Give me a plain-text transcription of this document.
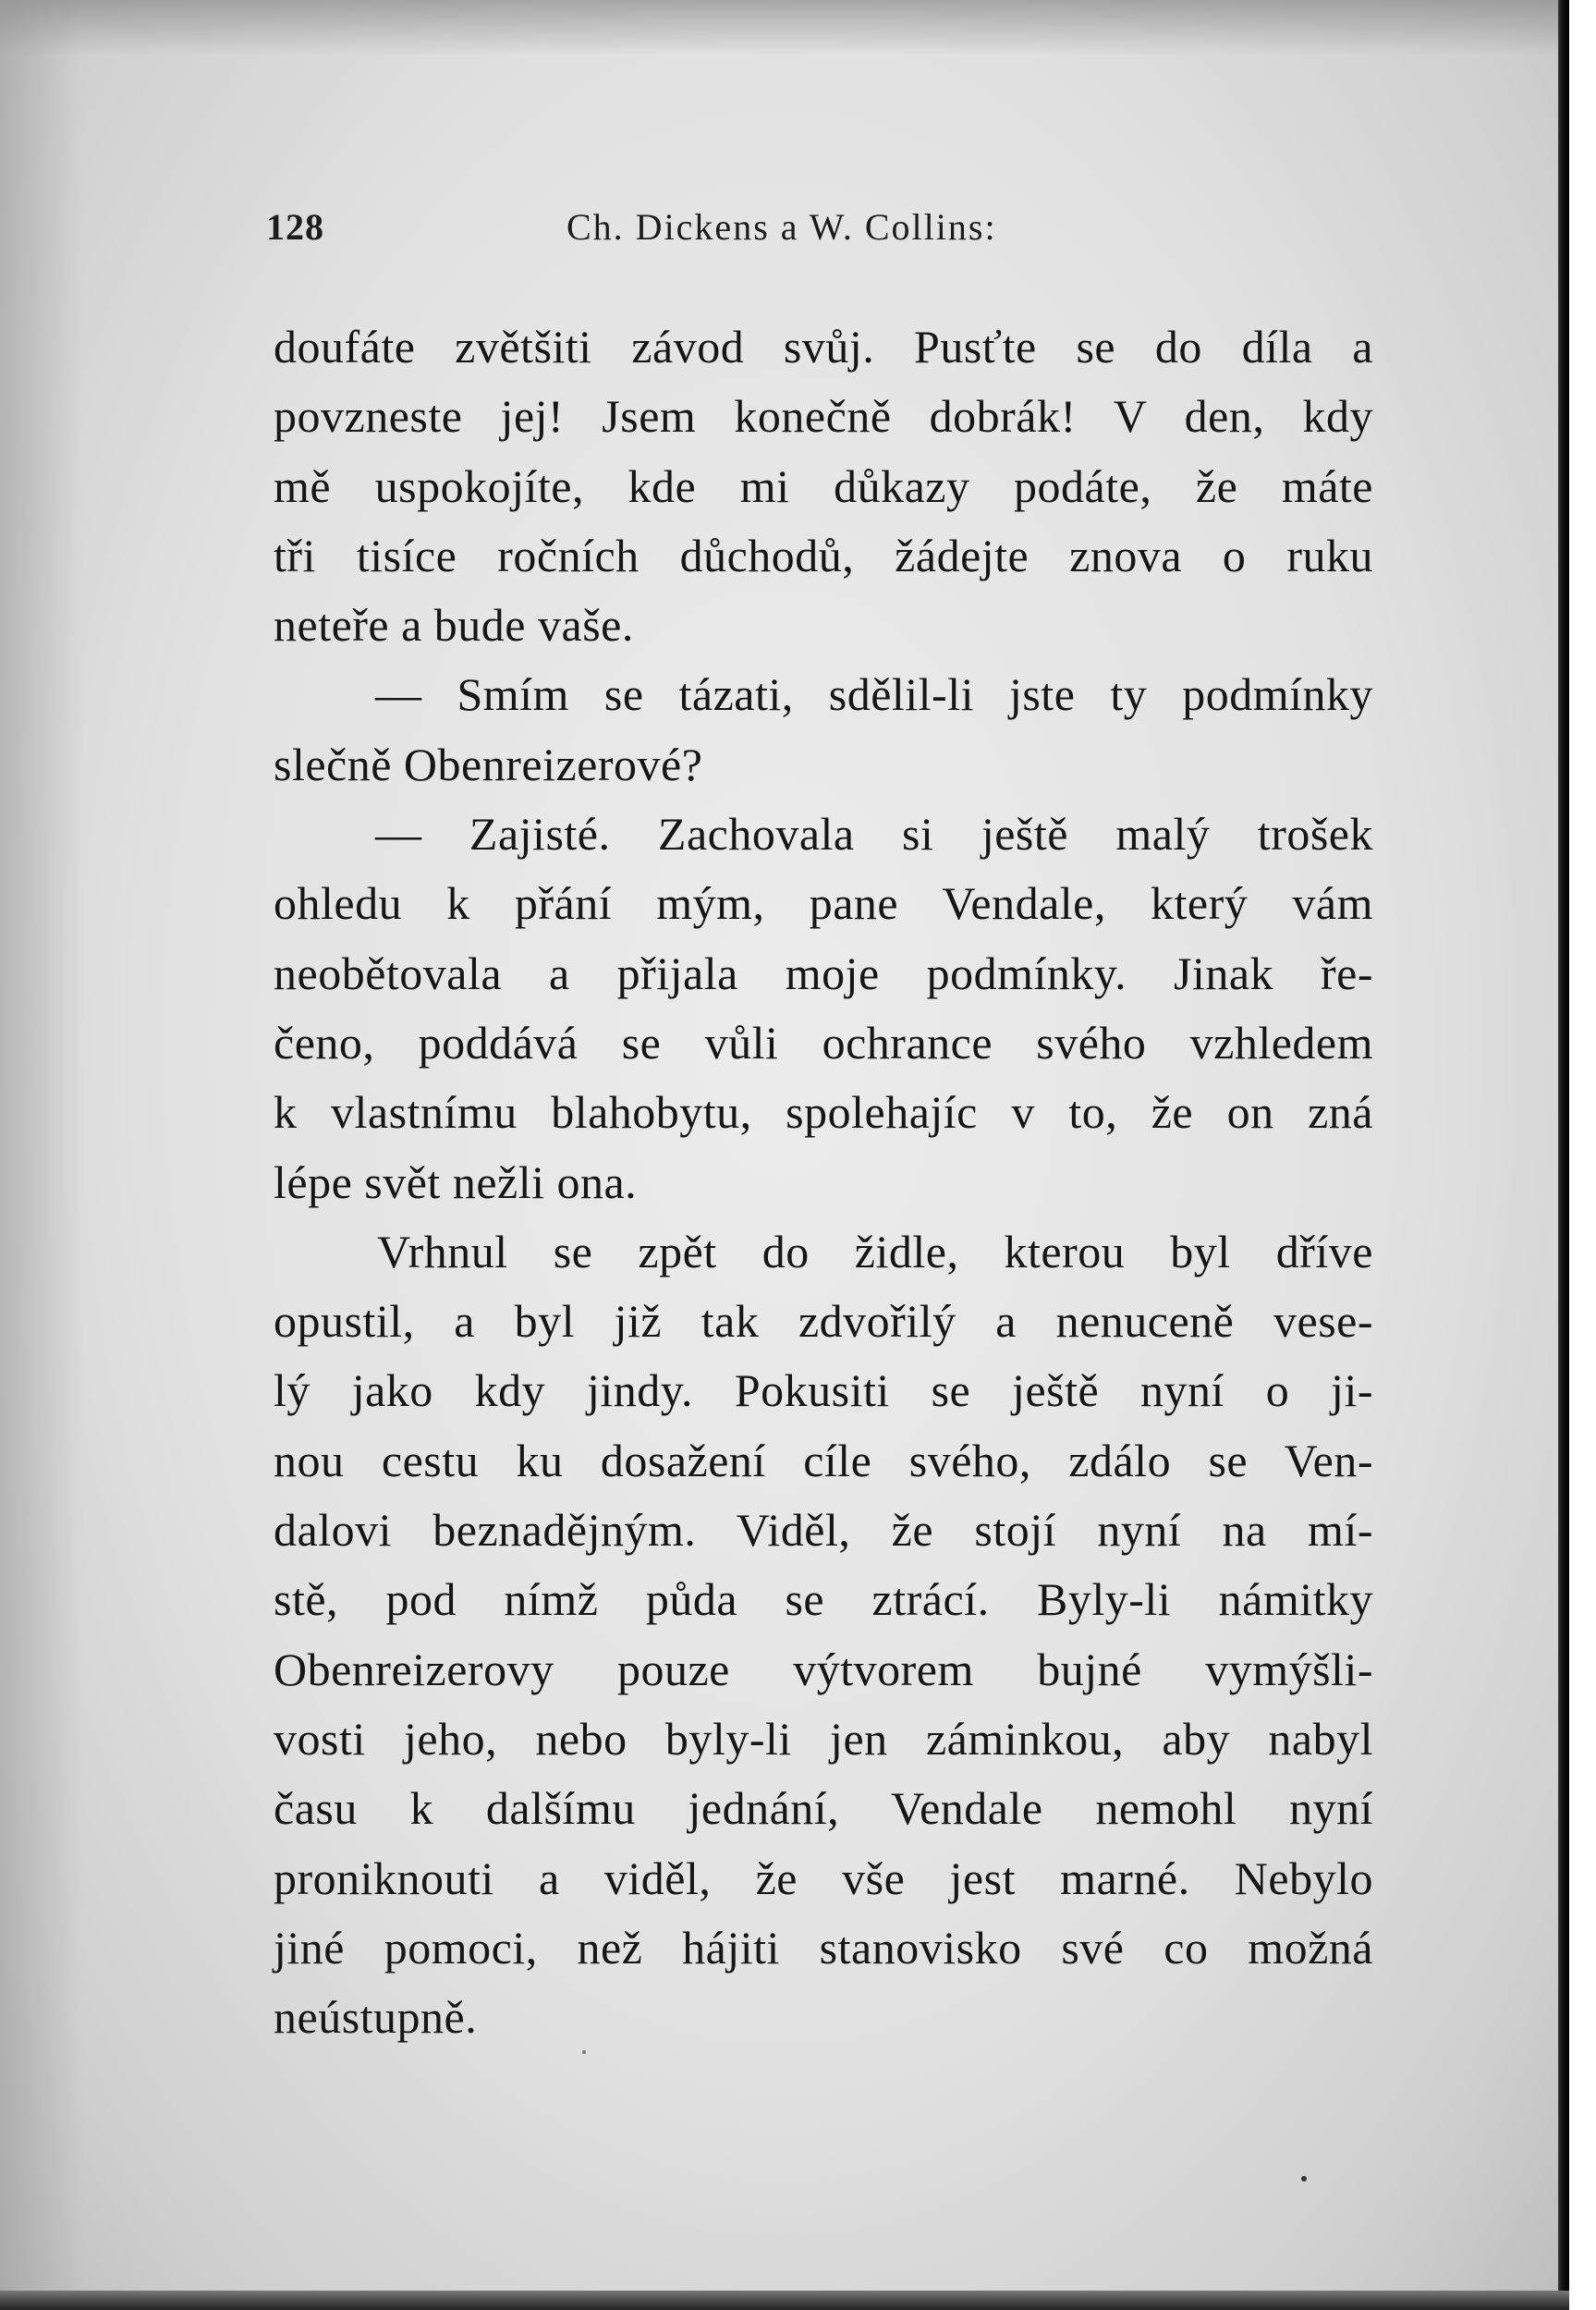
128	Ch. Dickens a W. Collins:
doufáte zvětšiti závod svůj. Pusťte se do díla a
povzneste jej! Jsem konečně dobrák! V den, kdy
mě uspokojíte, kde mi důkazy podáte, že máte
tři tisíce ročních důchodů, žádejte znova o ruku
neteře a bude vaše.
— Smím se tázati, sdělil-li jste ty podmínky
slečně Obenreizerové?
— Zajisté. Zachovala si ještě malý trošek
ohledu k přání mým, pane Vendale, který vám
neobětovala a přijala moje podmínky. Jinak ře-
čeno, poddává se vůli ochrance svého vzhledem
k vlastnímu blahobytu, spolehajíc v to, že on zná
lépe svět nežli ona.
Vrhnul se zpět do židle, kterou byl dříve
opustil, a byl již tak zdvořilý a nenuceně vese-
lý jako kdy jindy. Pokusiti se ještě nyní o ji-
nou cestu ku dosažení cíle svého, zdálo se Ven-
dalovi beznadějným. Viděl, že stojí nyní na mí-
stě, pod nímž půda se ztrácí. Byly-li námitky
Obenreizerovy pouze výtvorem bujné vymýšli-
vosti jeho, nebo byly-li jen záminkou, aby nabyl
času k dalšímu jednání, Vendale nemohl nyní
proniknouti a viděl, že vše jest marné. Nebylo
jiné pomoci, než hájiti stanovisko své co možná
neústupně.
